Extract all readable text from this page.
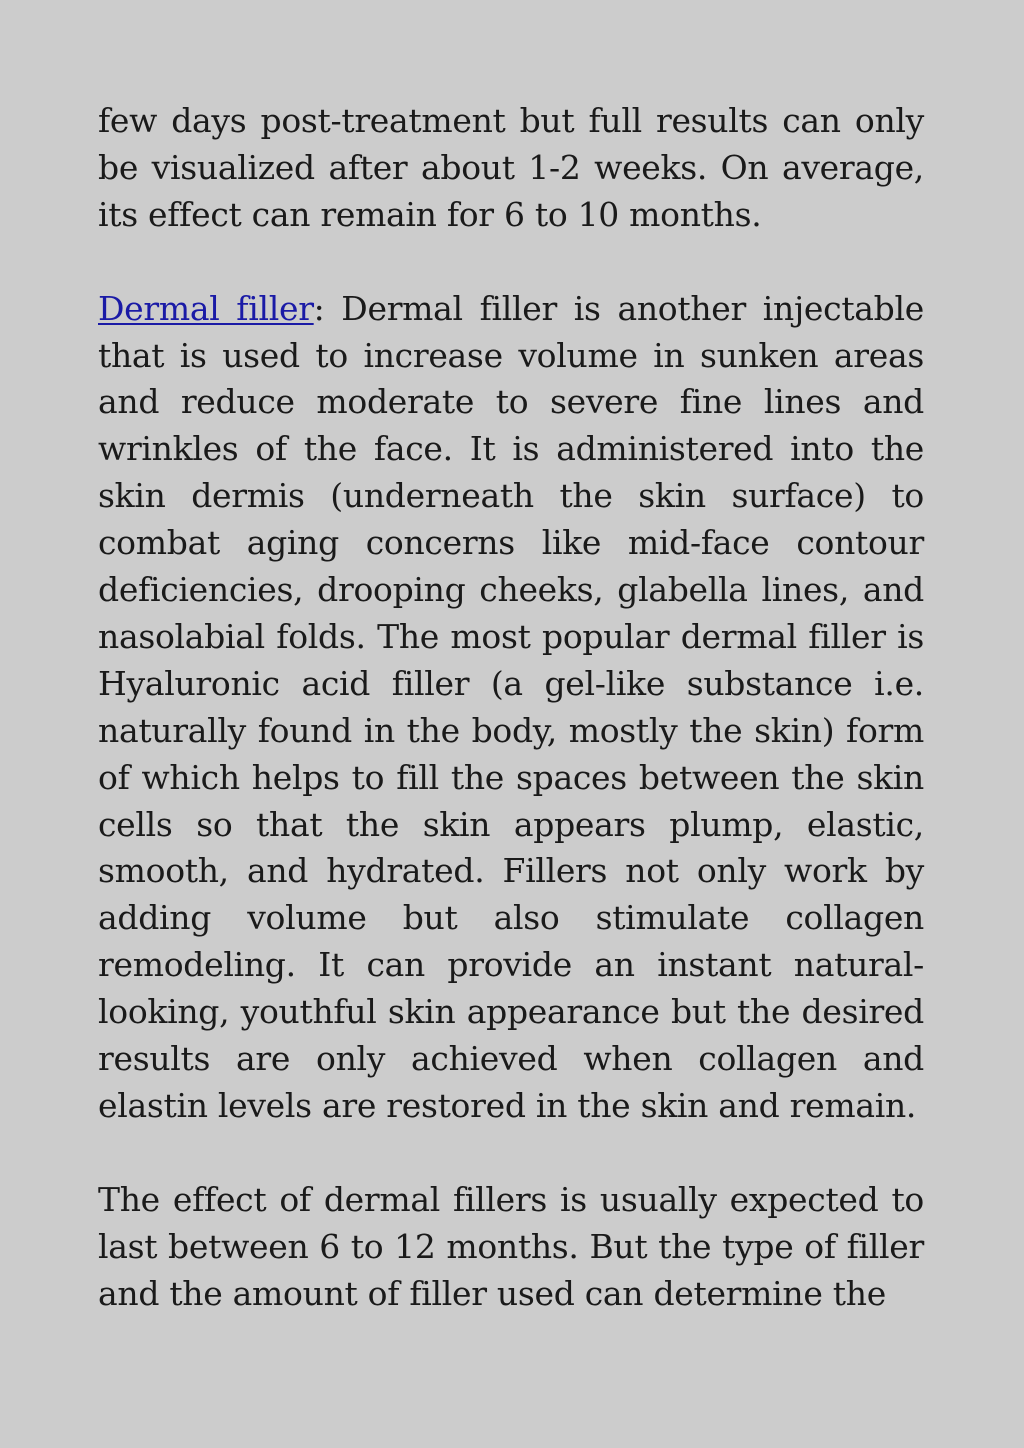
few days post-treatment but full results can only be visualized after about 1-2 weeks. On average, its effect can remain for 6 to 10 months.

Dermal filler: Dermal filler is another injectable that is used to increase volume in sunken areas and reduce moderate to severe fine lines and wrinkles of the face. It is administered into the skin dermis (underneath the skin surface) to combat aging concerns like mid-face contour deficiencies, drooping cheeks, glabella lines, and nasolabial folds. The most popular dermal filler is Hyaluronic acid filler (a gel-like substance i.e. naturally found in the body, mostly the skin) form of which helps to fill the spaces between the skin cells so that the skin appears plump, elastic, smooth, and hydrated. Fillers not only work by adding volume but also stimulate collagen remodeling. It can provide an instant natural-looking, youthful skin appearance but the desired results are only achieved when collagen and elastin levels are restored in the skin and remain.

The effect of dermal fillers is usually expected to last between 6 to 12 months. But the type of filler and the amount of filler used can determine the
